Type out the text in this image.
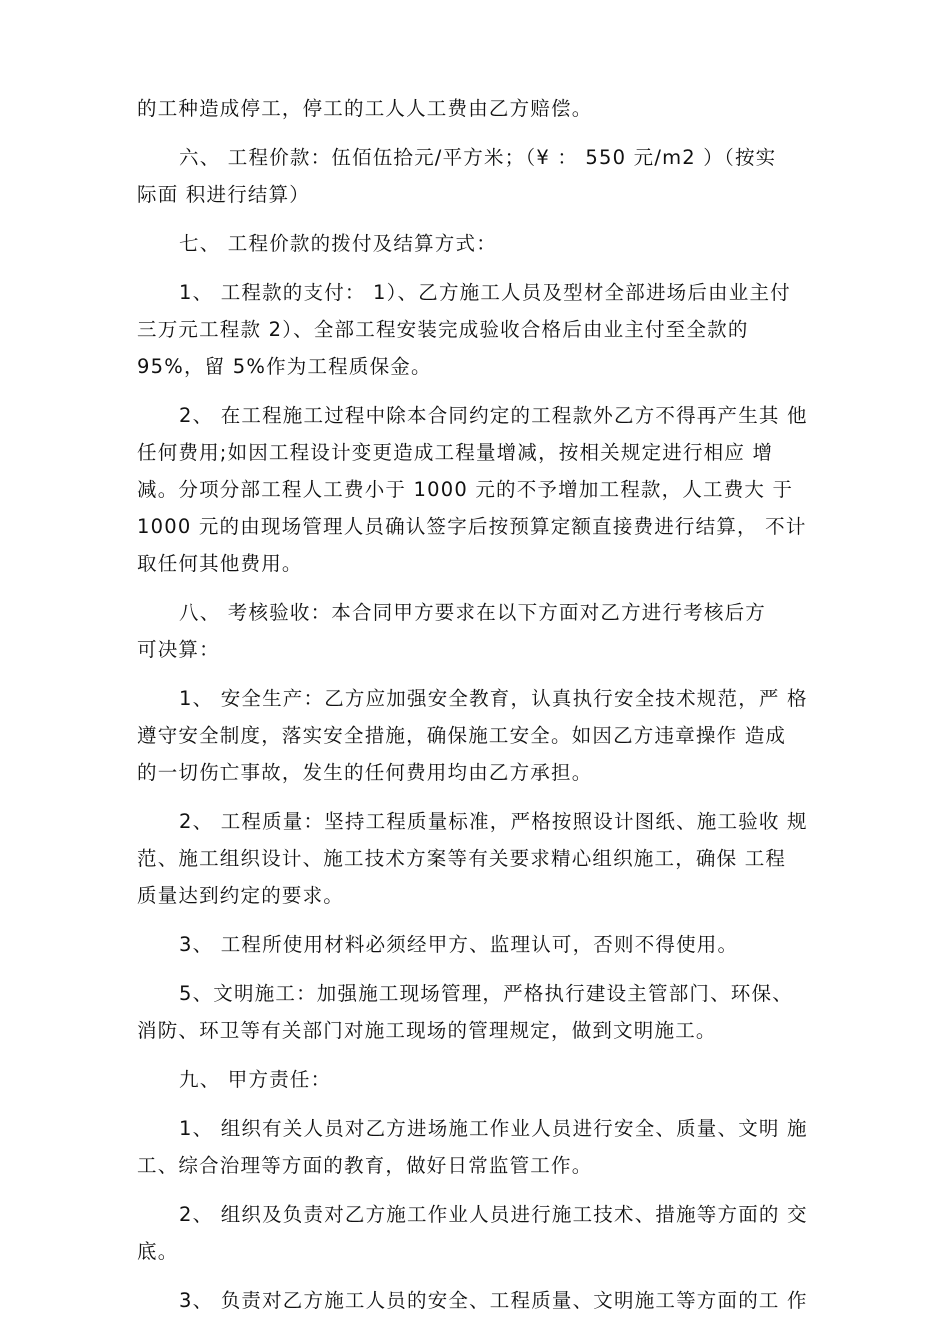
的工种造成停工，停工的工人人工费由乙方赔偿。
六、 工程价款：伍佰伍拾元/平方米；（¥ ： 550 元/m2 ）（按实
际面 积进行结算）
七、 工程价款的拨付及结算方式：
1、 工程款的支付： 1）、乙方施工人员及型材全部进场后由业主付
三万元工程款 2）、全部工程安装完成验收合格后由业主付至全款的
95%，留 5%作为工程质保金。
2、 在工程施工过程中除本合同约定的工程款外乙方不得再产生其 他
任何费用;如因工程设计变更造成工程量增减，按相关规定进行相应 增
减。分项分部工程人工费小于 1000 元的不予增加工程款，人工费大 于
1000 元的由现场管理人员确认签字后按预算定额直接费进行结算， 不计
取任何其他费用。
八、 考核验收：本合同甲方要求在以下方面对乙方进行考核后方
可决算：
1、 安全生产：乙方应加强安全教育，认真执行安全技术规范，严 格
遵守安全制度，落实安全措施，确保施工安全。如因乙方违章操作 造成
的一切伤亡事故，发生的任何费用均由乙方承担。
2、 工程质量：坚持工程质量标准，严格按照设计图纸、施工验收 规
范、施工组织设计、施工技术方案等有关要求精心组织施工，确保 工程
质量达到约定的要求。
3、 工程所使用材料必须经甲方、监理认可，否则不得使用。
5、文明施工：加强施工现场管理，严格执行建设主管部门、环保、
消防、环卫等有关部门对施工现场的管理规定，做到文明施工。
九、 甲方责任：
1、 组织有关人员对乙方进场施工作业人员进行安全、质量、文明 施
工、综合治理等方面的教育，做好日常监管工作。
2、 组织及负责对乙方施工作业人员进行施工技术、措施等方面的 交
底。
3、 负责对乙方施工人员的安全、工程质量、文明施工等方面的工 作
